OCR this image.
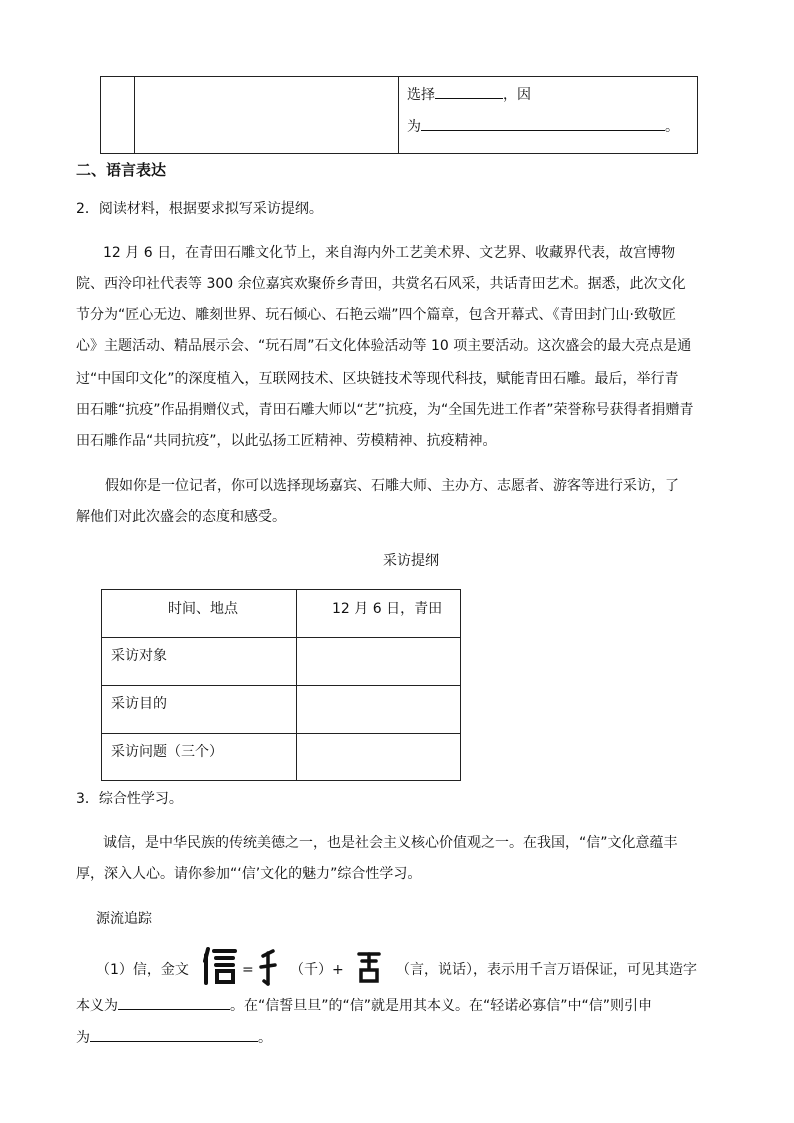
选择	，因
为	。
二、语言表达
2．阅读材料，根据要求拟写采访提纲。
12 月 6 日，在青田石雕文化节上，来自海内外工艺美术界、文艺界、收藏界代表，故宫博物
院、西泠印社代表等 300 余位嘉宾欢聚侨乡青田，共赏名石风采，共话青田艺术。据悉，此次文化
节分为“匠心无边、雕刻世界、玩石倾心、石艳云端”四个篇章，包含开幕式、《青田封门山·致敬匠
心》主题活动、精品展示会、“玩石周”石文化体验活动等 10 项主要活动。这次盛会的最大亮点是通
过“中国印文化”的深度植入，互联网技术、区块链技术等现代科技，赋能青田石雕。最后，举行青
田石雕“抗疫”作品捐赠仪式，青田石雕大师以“艺”抗疫，为“全国先进工作者”荣誉称号获得者捐赠青
田石雕作品“共同抗疫”，以此弘扬工匠精神、劳模精神、抗疫精神。
假如你是一位记者，你可以选择现场嘉宾、石雕大师、主办方、志愿者、游客等进行采访，了
解他们对此次盛会的态度和感受。
采访提纲
时间、地点	12 月 6 日，青田
采访对象
采访目的
采访问题（三个）
3．综合性学习。
诚信，是中华民族的传统美德之一，也是社会主义核心价值观之一。在我国，“信”文化意蕴丰
厚，深入人心。请你参加“‘信’文化的魅力”综合性学习。
源流追踪
（1）信，金文	=	（千）+	（言，说话），表示用千言万语保证，可见其造字
本义为	。在“信誓旦旦”的“信”就是用其本义。在“轻诺必寡信”中“信”则引申
为	。
